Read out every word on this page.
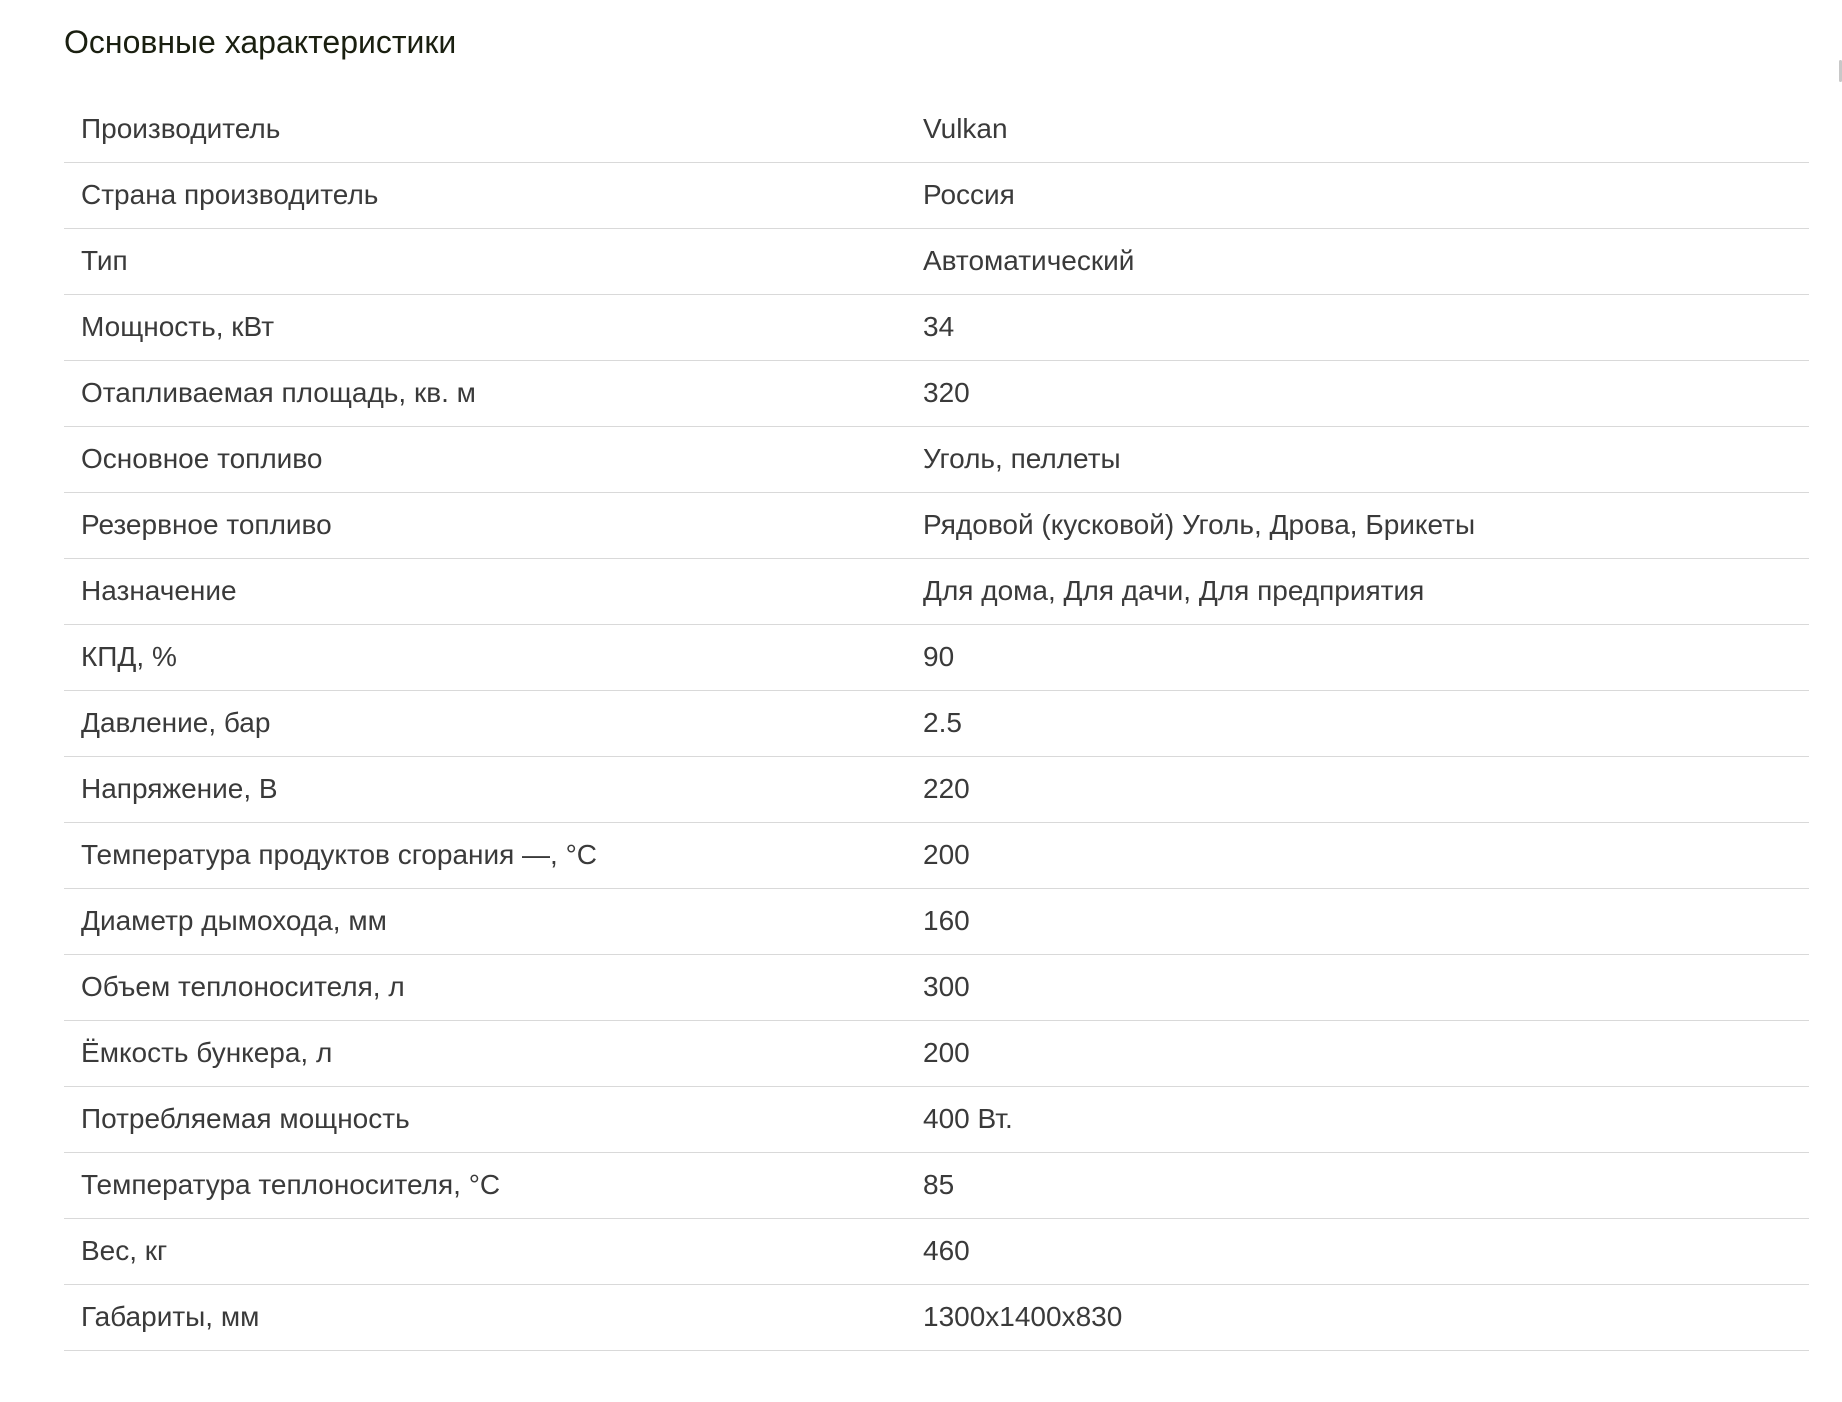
Основные характеристики
Производитель	Vulkan
Страна производитель	Россия
Тип	Автоматический
Мощность, кВт	34
Отапливаемая площадь, кв. м	320
Основное топливо	Уголь, пеллеты
Резервное топливо	Рядовой (кусковой) Уголь, Дрова, Брикеты
Назначение	Для дома, Для дачи, Для предприятия
КПД, %	90
Давление, бар	2.5
Напряжение, В	220
Температура продуктов сгорания —, °С	200
Диаметр дымохода, мм	160
Объем теплоносителя, л	300
Ёмкость бункера, л	200
Потребляемая мощность	400 Вт.
Температура теплоносителя, °С	85
Вес, кг	460
Габариты, мм	1300х1400х830
